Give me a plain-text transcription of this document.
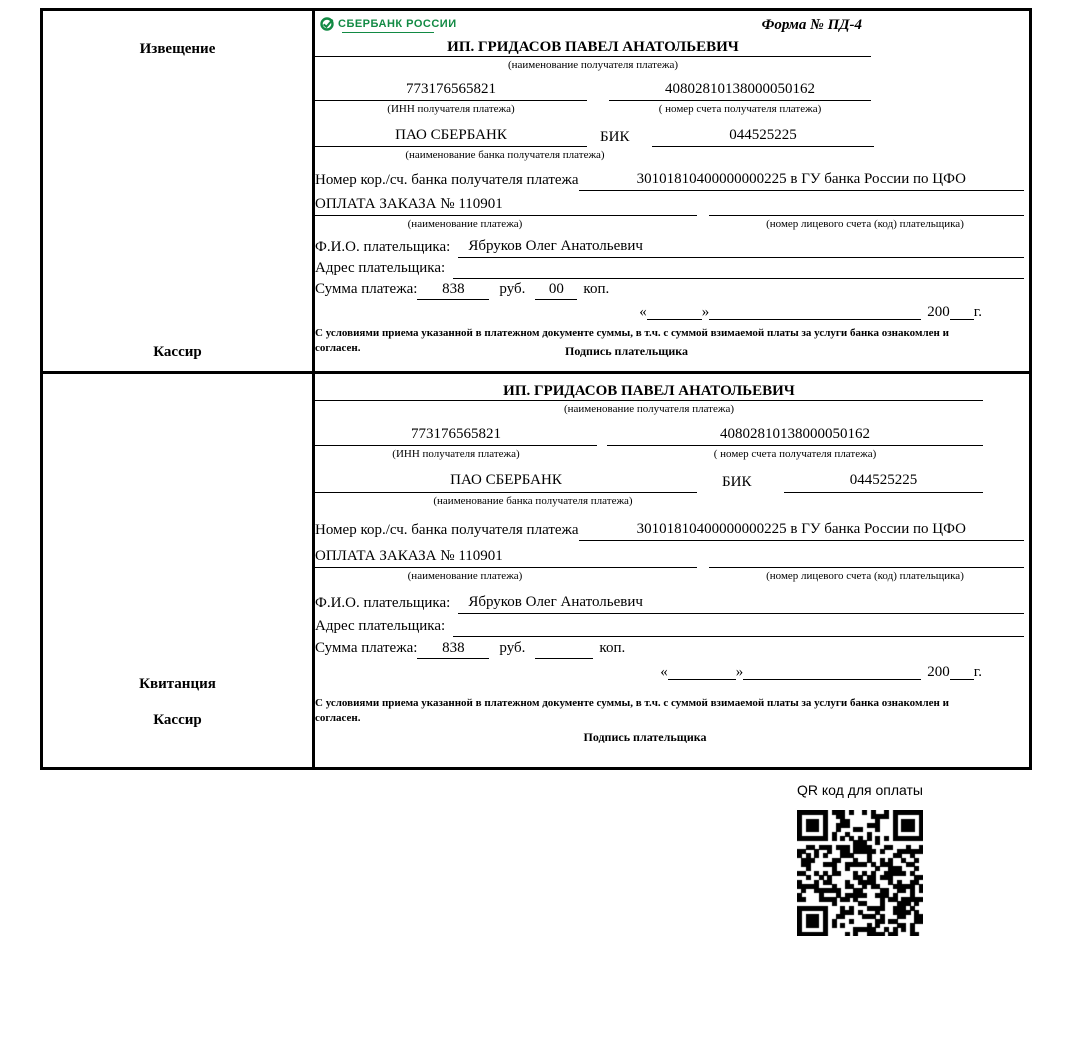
Извещение
Кассир
СБЕРБАНК РОССИИ	Форма № ПД-4
ИП. ГРИДАСОВ ПАВЕЛ АНАТОЛЬЕВИЧ
(наименование получателя платежа)
773176565821	40802810138000050162
(ИНН получателя платежа)	( номер счета получателя платежа)
ПАО СБЕРБАНК	БИК	044525225
(наименование банка получателя платежа)
Номер кор./сч. банка получателя платежа	30101810400000000225 в ГУ банка России по ЦФО
ОПЛАТА ЗАКАЗА № 110901
(наименование платежа)	(номер лицевого счета (код) плательщика)
Ф.И.О. плательщика:	Ябруков Олег Анатольевич
Адрес плательщика:
Сумма платежа:	838	руб.	00	коп.
«	»	200 г.
С условиями приема указанной в платежном документе суммы, в т.ч. с суммой взимаемой платы за услуги банка ознакомлен и согласен.	Подпись плательщика
Квитанция
Кассир
ИП. ГРИДАСОВ ПАВЕЛ АНАТОЛЬЕВИЧ
(наименование получателя платежа)
773176565821	40802810138000050162
(ИНН получателя платежа)	( номер счета получателя платежа)
ПАО СБЕРБАНК	БИК	044525225
(наименование банка получателя платежа)
Номер кор./сч. банка получателя платежа	30101810400000000225 в ГУ банка России по ЦФО
ОПЛАТА ЗАКАЗА № 110901
(наименование платежа)	(номер лицевого счета (код) плательщика)
Ф.И.О. плательщика:	Ябруков Олег Анатольевич
Адрес плательщика:
Сумма платежа:	838	руб.	коп.
«	»	200 г.
С условиями приема указанной в платежном документе суммы, в т.ч. с суммой взимаемой платы за услуги банка ознакомлен и согласен.
Подпись плательщика
QR код для оплаты
